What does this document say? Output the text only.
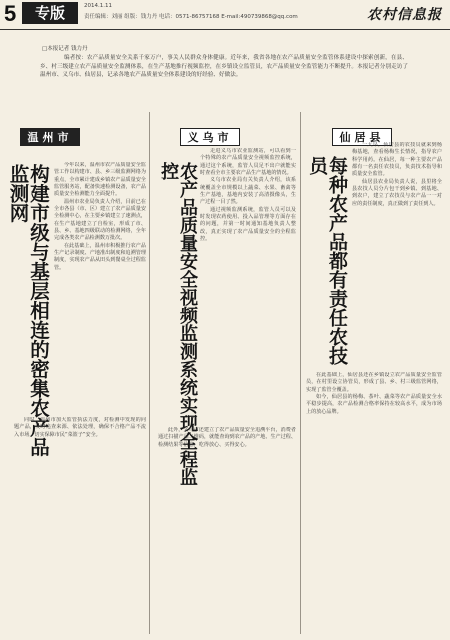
5	专版	2014.1.11
责任编辑：刘丽 组版：钱力丹 电话：0571-86757168 E-mail:490739868@qq.com	农村信息报
□本报记者 钱力丹

编者按：农产品质量安全关系千家万户，事关人民群众身体健康。近年来，我省各地在农产品质量安全监管体系建设中探索创新，在县、乡、村三级建立农产品质量安全监测体系，在生产基地推行视频监控，在乡镇设立监管员，农产品质量安全监管能力不断提升。本报记者分别走访了温州市、义乌市、仙居县，记录各地农产品质量安全体系建设的好经验、好做法。

温州市
构建市级与基层相连的密集农产品监测网	今年以来，温州市农产品质量安全监管工作以构建市、县、乡三级监测网络为重点，全市累计建成乡镇农产品质量安全监管服务站，配备快速检测设备，农产品质量安全检测能力全面提升。

温州市农业局负责人介绍，目前已在全市各县（市、区）建立了农产品质量安全检测中心，在主要乡镇建立了速测点，在生产基地建立了自检室，形成了市、县、乡、基地四级联动的检测网络，全年完成各类农产品检测数万批次。

在此基础上，温州市积极推行农产品生产记录制度、产地准出制度和追溯管理制度，实现农产品从田头到餐桌全过程监管。

同时，温州市加大监管执法力度，对检测中发现的问题产品，及时追查来源、依法处理，确保不合格产品不流入市场，切实保障市民“菜篮子”安全。

义乌市
农产品质量安全视频监测系统实现全程监控

走进义乌市农业监测站，可以看到一个特殊的农产品质量安全视频监控系统，通过这个系统，监管人员足不出户就能实时查看全市主要农产品生产基地的情况。

义乌市农业局有关负责人介绍，该系统覆盖全市规模以上蔬菜、水果、畜禽等生产基地，基地内安装了高清摄像头，生产过程一目了然。

通过视频监测系统，监管人员可以及时发现农药使用、投入品管理等方面存在的问题，并第一时间通知基地负责人整改，真正实现了农产品质量安全的全程监控。

此外，义乌市还建立了农产品质量安全追溯平台，消费者通过扫描产品二维码，就能查询到农产品的产地、生产过程、检测结果等信息，吃得放心、买得安心。

仙居县
每种农产品都有责任农技员

一大早，仙居县的农技员就来到杨梅基地，查看杨梅生长情况，指导农户科学用药。在仙居，每一种主要农产品都有一名责任农技员，负责技术指导和质量安全监管。

仙居县农业局负责人说，县里将全县农技人员分片包干到乡镇、到基地、到农户，建立了农技员与农产品一一对应的责任制度，真正做到了责任到人。

在此基础上，仙居县还在乡镇设立农产品质量安全监管员，在村里设立协管员，形成了县、乡、村三级监管网络，实现了监管全覆盖。

如今，仙居县的杨梅、茶叶、蔬菜等农产品质量安全水平稳步提高，农产品检测合格率保持在较高水平，成为市场上的放心品牌。
